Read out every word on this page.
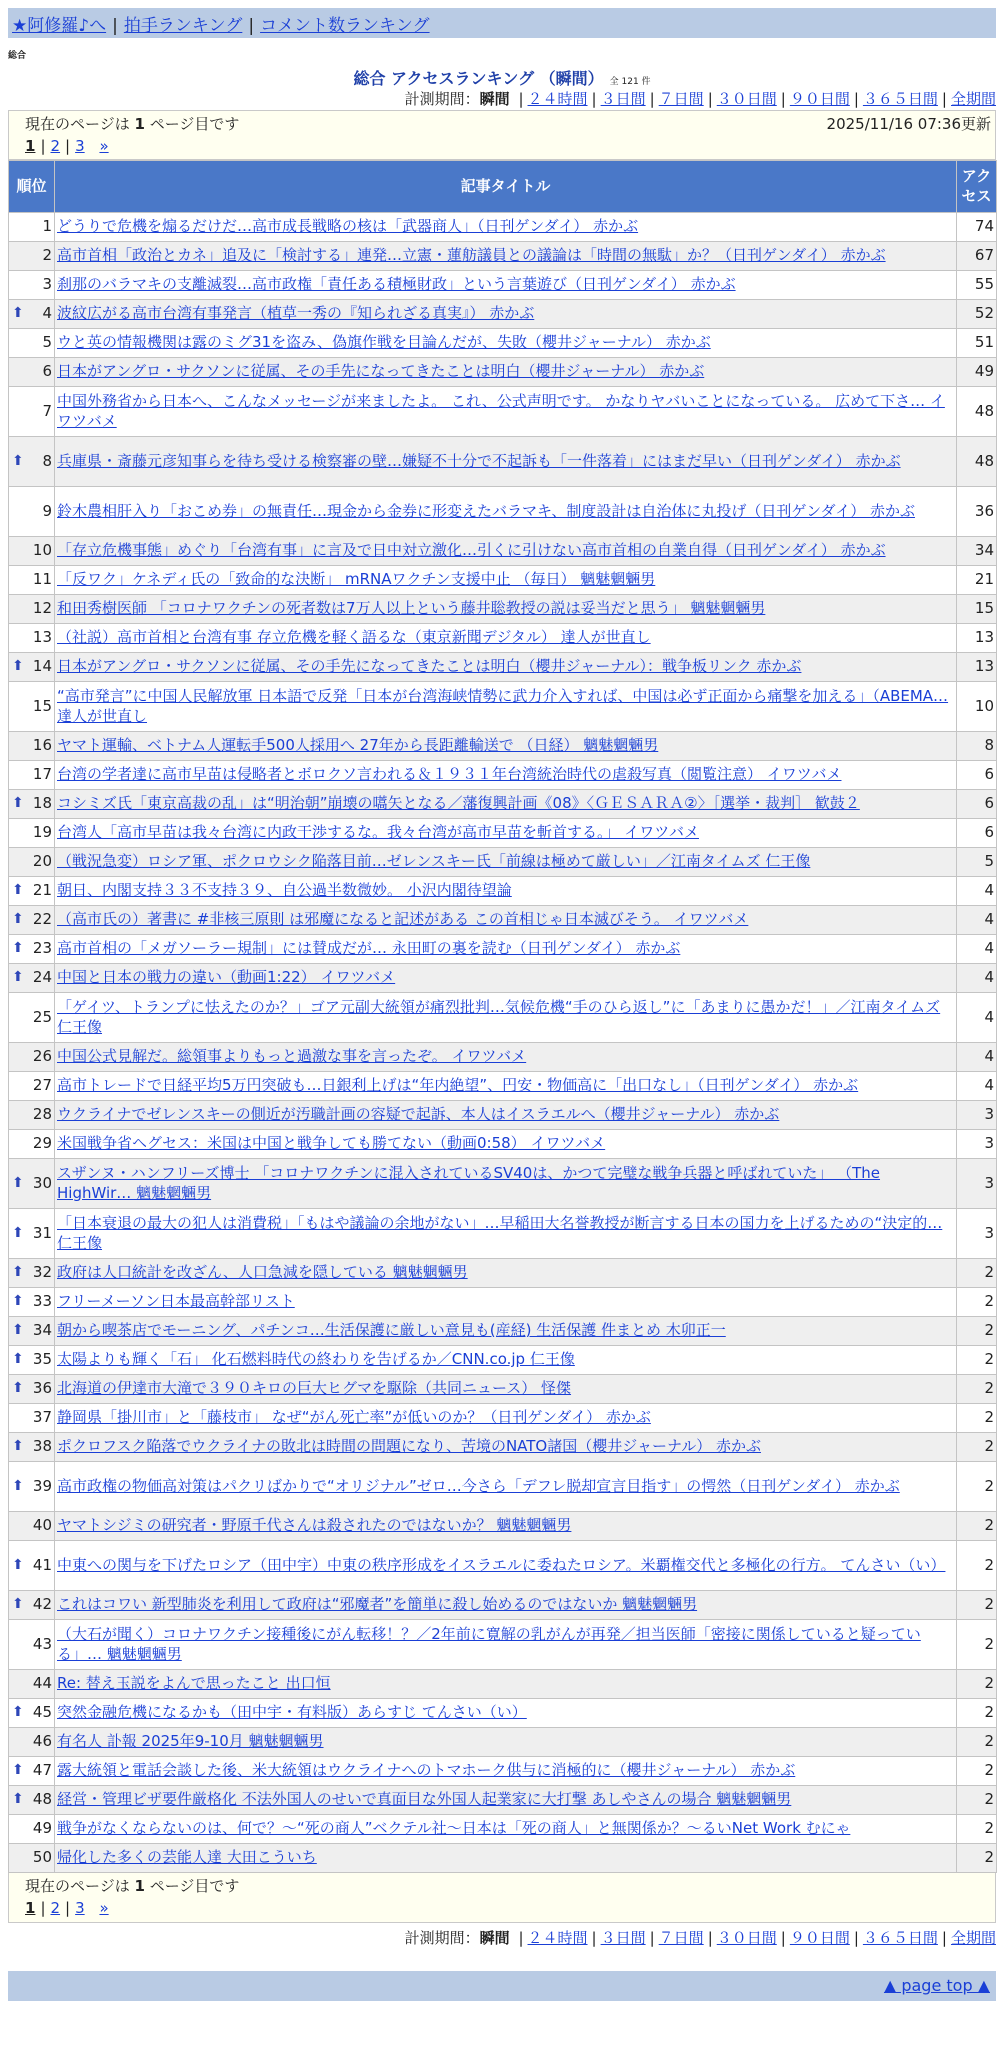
★阿修羅♪へ | 拍手ランキング | コメント数ランキング
総合
総合 アクセスランキング （瞬間） 全 121 件
計測期間：瞬間 | ２４時間 | ３日間 | ７日間 | ３０日間 | ９０日間 | ３６５日間 | 全期間
現在のページは 1 ページ目です	2025/11/16 07:36更新
1 | 2 | 3 »
順位	記事タイトル	アクセス
1	どうりで危機を煽るだけだ…高市成長戦略の核は「武器商人」（日刊ゲンダイ） 赤かぶ	74
2	高市首相「政治とカネ」追及に「検討する」連発…立憲・蓮舫議員との議論は「時間の無駄」か？（日刊ゲンダイ） 赤かぶ	67
3	刹那のバラマキの支離滅裂…高市政権「責任ある積極財政」という言葉遊び（日刊ゲンダイ） 赤かぶ	55

⬆ 4	波紋広がる高市台湾有事発言（植草一秀の『知られざる真実』） 赤かぶ	52
5	ウと英の情報機関は露のミグ31を盗み、偽旗作戦を目論んだが、失敗（櫻井ジャーナル） 赤かぶ	51
6	日本がアングロ・サクソンに従属、その手先になってきたことは明白（櫻井ジャーナル） 赤かぶ	49
7	中国外務省から日本へ、こんなメッセージが来ましたよ。 これ、公式声明です。 かなりヤバいことになっている。 広めて下さ… イワツバメ	48

⬆ 8	兵庫県・斎藤元彦知事らを待ち受ける検察審の壁…嫌疑不十分で不起訴も「一件落着」にはまだ早い（日刊ゲンダイ） 赤かぶ	48
9	鈴木農相肝入り「おこめ券」の無責任…現金から金券に形変えたバラマキ、制度設計は自治体に丸投げ（日刊ゲンダイ） 赤かぶ	36
10	「存立危機事態」めぐり「台湾有事」に言及で日中対立激化…引くに引けない高市首相の自業自得（日刊ゲンダイ） 赤かぶ	34
11	「反ワク」ケネディ氏の「致命的な決断」 mRNAワクチン支援中止 （毎日） 魑魅魍魎男	21
12	和田秀樹医師 「コロナワクチンの死者数は7万人以上という藤井聡教授の説は妥当だと思う」 魑魅魍魎男	15
13	（社説）高市首相と台湾有事 存立危機を軽く語るな（東京新聞デジタル） 達人が世直し	13

⬆ 14	日本がアングロ・サクソンに従属、その手先になってきたことは明白（櫻井ジャーナル）：戦争板リンク 赤かぶ	13
15	“高市発言”に中国人民解放軍 日本語で反発「日本が台湾海峡情勢に武力介入すれば、中国は必ず正面から痛撃を加える」（ABEMA… 達人が世直し	10
16	ヤマト運輸、ベトナム人運転手500人採用へ 27年から長距離輸送で （日経） 魑魅魍魎男	8
17	台湾の学者達に高市早苗は侵略者とボロクソ言われる＆１９３１年台湾統治時代の虐殺写真（閲覧注意） イワツバメ	6

⬆ 18	コシミズ氏「東京高裁の乱」は“明治朝”崩壊の嚆矢となる／藩復興計画《08》〈ＧＥＳＡＲＡ②〉［選挙・裁判］ 歓鼓２	6
19	台湾人「高市早苗は我々台湾に内政干渉するな。我々台湾が高市早苗を斬首する。」 イワツバメ	6
20	（戦況急変）ロシア軍、ポクロウシク陥落目前…ゼレンスキー氏「前線は極めて厳しい」／江南タイムズ 仁王像	5

⬆ 21	朝日、内閣支持３３不支持３９、自公過半数微妙。 小沢内閣待望論	4

⬆ 22	（高市氏の）著書に #非核三原則 は邪魔になると記述がある この首相じゃ日本滅びそう。 イワツバメ	4

⬆ 23	高市首相の「メガソーラー規制」には賛成だが… 永田町の裏を読む（日刊ゲンダイ） 赤かぶ	4

⬆ 24	中国と日本の戦力の違い（動画1:22） イワツバメ	4
25	「ゲイツ、トランプに怯えたのか？」ゴア元副大統領が痛烈批判…気候危機“手のひら返し”に「あまりに愚かだ！」／江南タイムズ 仁王像	4
26	中国公式見解だ。総領事よりもっと過激な事を言ったぞ。 イワツバメ	4
27	高市トレードで日経平均5万円突破も…日銀利上げは“年内絶望”、円安・物価高に「出口なし」（日刊ゲンダイ） 赤かぶ	4
28	ウクライナでゼレンスキーの側近が汚職計画の容疑で起訴、本人はイスラエルへ（櫻井ジャーナル） 赤かぶ	3
29	米国戦争省ヘグセス：米国は中国と戦争しても勝てない（動画0:58） イワツバメ	3

⬆ 30	スザンヌ・ハンフリーズ博士 「コロナワクチンに混入されているSV40は、かつて完璧な戦争兵器と呼ばれていた」 （The HighWir… 魑魅魍魎男	3

⬆ 31	「日本衰退の最大の犯人は消費税」「もはや議論の余地がない」…早稲田大名誉教授が断言する日本の国力を上げるための“決定的… 仁王像	3

⬆ 32	政府は人口統計を改ざん、人口急減を隠している 魑魅魍魎男	2

⬆ 33	フリーメーソン日本最高幹部リスト	2

⬆ 34	朝から喫茶店でモーニング、パチンコ…生活保護に厳しい意見も(産経) 生活保護 件まとめ 木卯正一	2

⬆ 35	太陽よりも輝く「石」 化石燃料時代の終わりを告げるか／CNN.co.jp 仁王像	2

⬆ 36	北海道の伊達市大滝で３９０キロの巨大ヒグマを駆除（共同ニュース） 怪傑	2
37	静岡県「掛川市」と「藤枝市」 なぜ“がん死亡率”が低いのか？（日刊ゲンダイ） 赤かぶ	2

⬆ 38	ポクロフスク陥落でウクライナの敗北は時間の問題になり、苦境のNATO諸国（櫻井ジャーナル） 赤かぶ	2

⬆ 39	高市政権の物価高対策はパクリばかりで“オリジナル”ゼロ…今さら「デフレ脱却宣言目指す」の愕然（日刊ゲンダイ） 赤かぶ	2
40	ヤマトシジミの研究者・野原千代さんは殺されたのではないか？ 魑魅魍魎男	2

⬆ 41	中東への関与を下げたロシア（田中宇）中東の秩序形成をイスラエルに委ねたロシア。米覇権交代と多極化の行方。 てんさい（い）	2

⬆ 42	これはコワい 新型肺炎を利用して政府は“邪魔者”を簡単に殺し始めるのではないか 魑魅魍魎男	2
43	（大石が聞く）コロナワクチン接種後にがん転移！？／2年前に寛解の乳がんが再発／担当医師「密接に関係していると疑っている」… 魑魅魍魎男	2
44	Re: 替え玉説をよんで思ったこと 出口恒	2

⬆ 45	突然金融危機になるかも（田中宇・有料版）あらすじ てんさい（い）	2
46	有名人 訃報 2025年9-10月 魑魅魍魎男	2

⬆ 47	露大統領と電話会談した後、米大統領はウクライナへのトマホーク供与に消極的に（櫻井ジャーナル） 赤かぶ	2

⬆ 48	経営・管理ビザ要件厳格化 不法外国人のせいで真面目な外国人起業家に大打撃 あしやさんの場合 魑魅魍魎男	2
49	戦争がなくならないのは、何で？〜“死の商人”ベクテル社〜日本は「死の商人」と無関係か？〜るいNet Work むにゃ	2
50	帰化した多くの芸能人達 大田こういち	2
現在のページは 1 ページ目です
1 | 2 | 3 »
計測期間：瞬間 | ２４時間 | ３日間 | ７日間 | ３０日間 | ９０日間 | ３６５日間 | 全期間
▲ page top ▲
